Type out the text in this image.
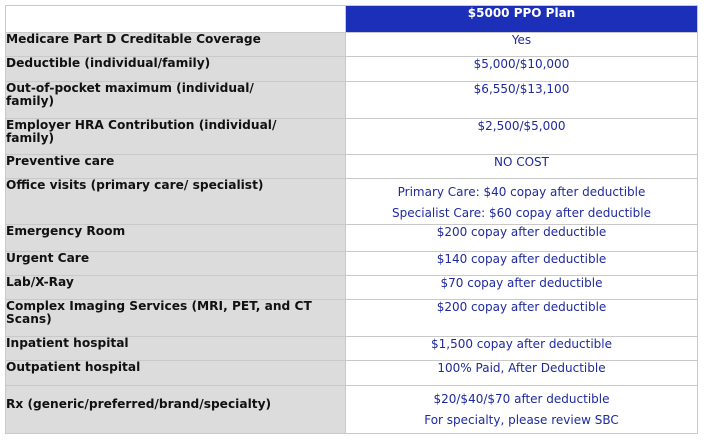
	$5000 PPO Plan
Medicare Part D Creditable Coverage	Yes

Deductible (individual/family)	$5,000/$10,000

Out-of-pocket maximum (individual/ family)	$6,550/$13,100

Employer HRA Contribution (individual/ family)	$2,500/$5,000

Preventive care	NO COST

Office visits (primary care/ specialist)	Primary Care: $40 copay after deductible
Specialist Care: $60 copay after deductible

Emergency Room	$200 copay after deductible

Urgent Care	$140 copay after deductible

Lab/X-Ray	$70 copay after deductible

Complex Imaging Services (MRI, PET, and CT Scans)	$200 copay after deductible

Inpatient hospital	$1,500 copay after deductible

Outpatient hospital	100% Paid, After Deductible

Rx (generic/preferred/brand/specialty)	$20/$40/$70 after deductible
For specialty, please review SBC
